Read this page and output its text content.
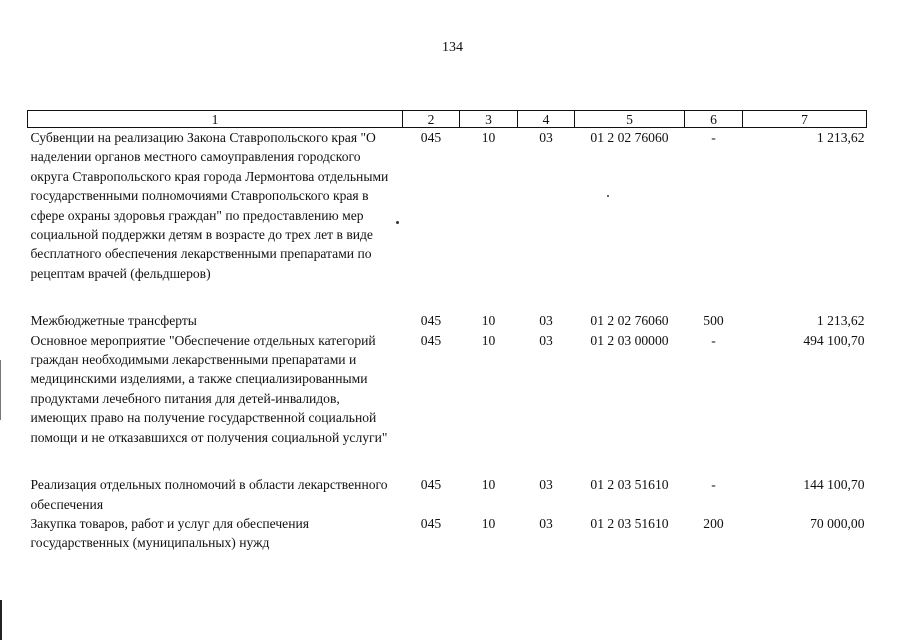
134
1	2	3	4	5	6	7
Субвенции на реализацию Закона Ставропольского края "О наделении органов местного самоуправления городского округа Ставропольского края города Лермонтова отдельными государственными полномочиями Ставропольского края в сфере охраны здоровья граждан" по предоставлению мер социальной поддержки детям в возрасте до трех лет в виде бесплатного обеспечения лекарственными препаратами по рецептам врачей (фельдшеров)	045	10	03	01 2 02 76060	-	1 213,62
Межбюджетные трансферты	045	10	03	01 2 02 76060	500	1 213,62
Основное мероприятие "Обеспечение отдельных категорий граждан необходимыми лекарственными препаратами и медицинскими изделиями, а также специализированными продуктами лечебного питания для детей-инвалидов, имеющих право на получение государственной социальной помощи и не отказавшихся от получения социальной услуги"	045	10	03	01 2 03 00000	-	494 100,70
Реализация отдельных полномочий в области лекарственного обеспечения	045	10	03	01 2 03 51610	-	144 100,70
Закупка товаров, работ и услуг для обеспечения государственных (муниципальных) нужд	045	10	03	01 2 03 51610	200	70 000,00
